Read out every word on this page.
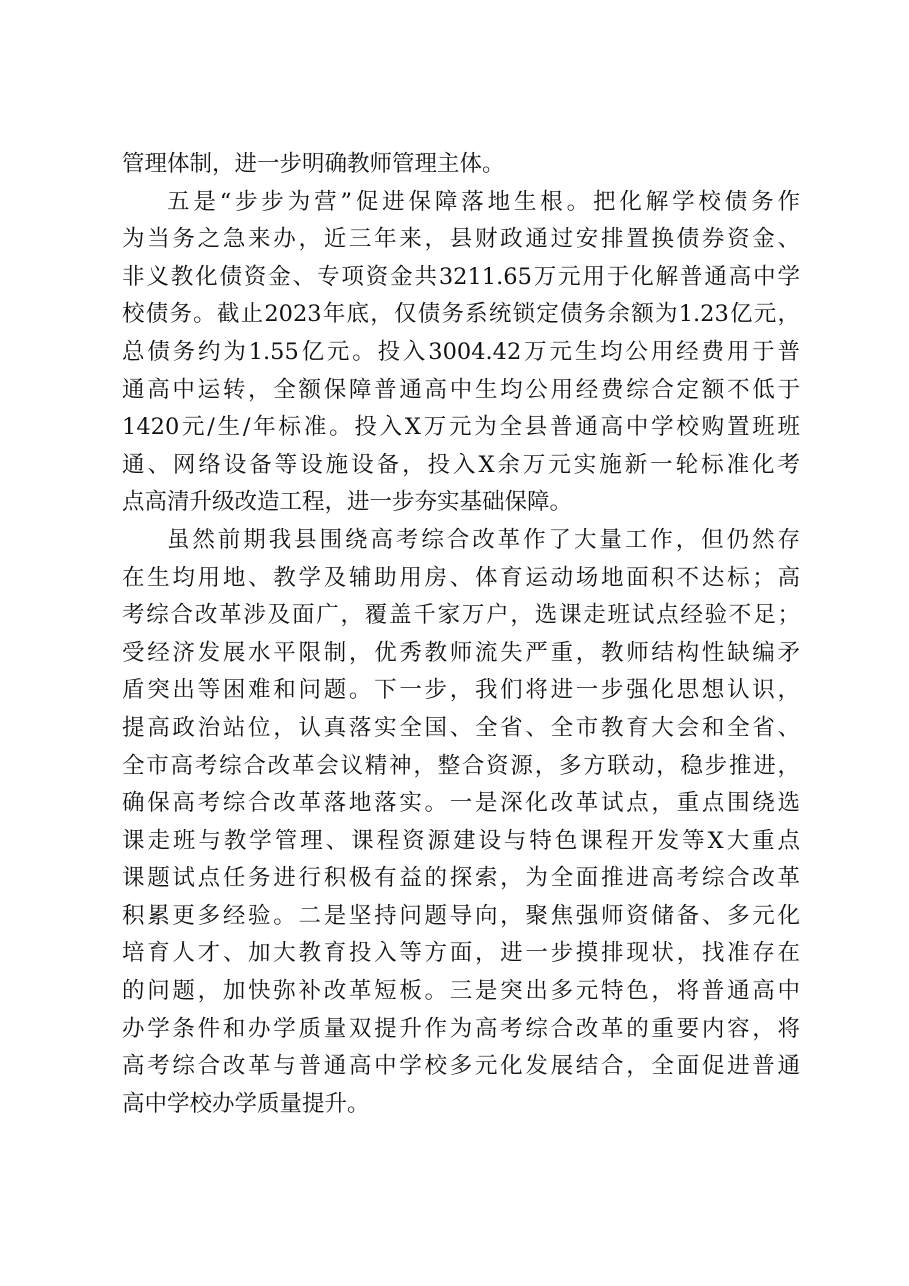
管理体制，进一步明确教师管理主体。
五是“步步为营”促进保障落地生根。把化解学校债务作
为当务之急来办，近三年来，县财政通过安排置换债券资金、
非义教化债资金、专项资金共3211.65万元用于化解普通高中学
校债务。截止2023年底，仅债务系统锁定债务余额为1.23亿元，
总债务约为1.55亿元。投入3004.42万元生均公用经费用于普
通高中运转，全额保障普通高中生均公用经费综合定额不低于
1420元/生/年标准。投入X万元为全县普通高中学校购置班班
通、网络设备等设施设备，投入X余万元实施新一轮标准化考
点高清升级改造工程，进一步夯实基础保障。
虽然前期我县围绕高考综合改革作了大量工作，但仍然存
在生均用地、教学及辅助用房、体育运动场地面积不达标；高
考综合改革涉及面广，覆盖千家万户，选课走班试点经验不足；
受经济发展水平限制，优秀教师流失严重，教师结构性缺编矛
盾突出等困难和问题。下一步，我们将进一步强化思想认识，
提高政治站位，认真落实全国、全省、全市教育大会和全省、
全市高考综合改革会议精神，整合资源，多方联动，稳步推进，
确保高考综合改革落地落实。一是深化改革试点，重点围绕选
课走班与教学管理、课程资源建设与特色课程开发等X大重点
课题试点任务进行积极有益的探索，为全面推进高考综合改革
积累更多经验。二是坚持问题导向，聚焦强师资储备、多元化
培育人才、加大教育投入等方面，进一步摸排现状，找准存在
的问题，加快弥补改革短板。三是突出多元特色，将普通高中
办学条件和办学质量双提升作为高考综合改革的重要内容，将
高考综合改革与普通高中学校多元化发展结合，全面促进普通
高中学校办学质量提升。
